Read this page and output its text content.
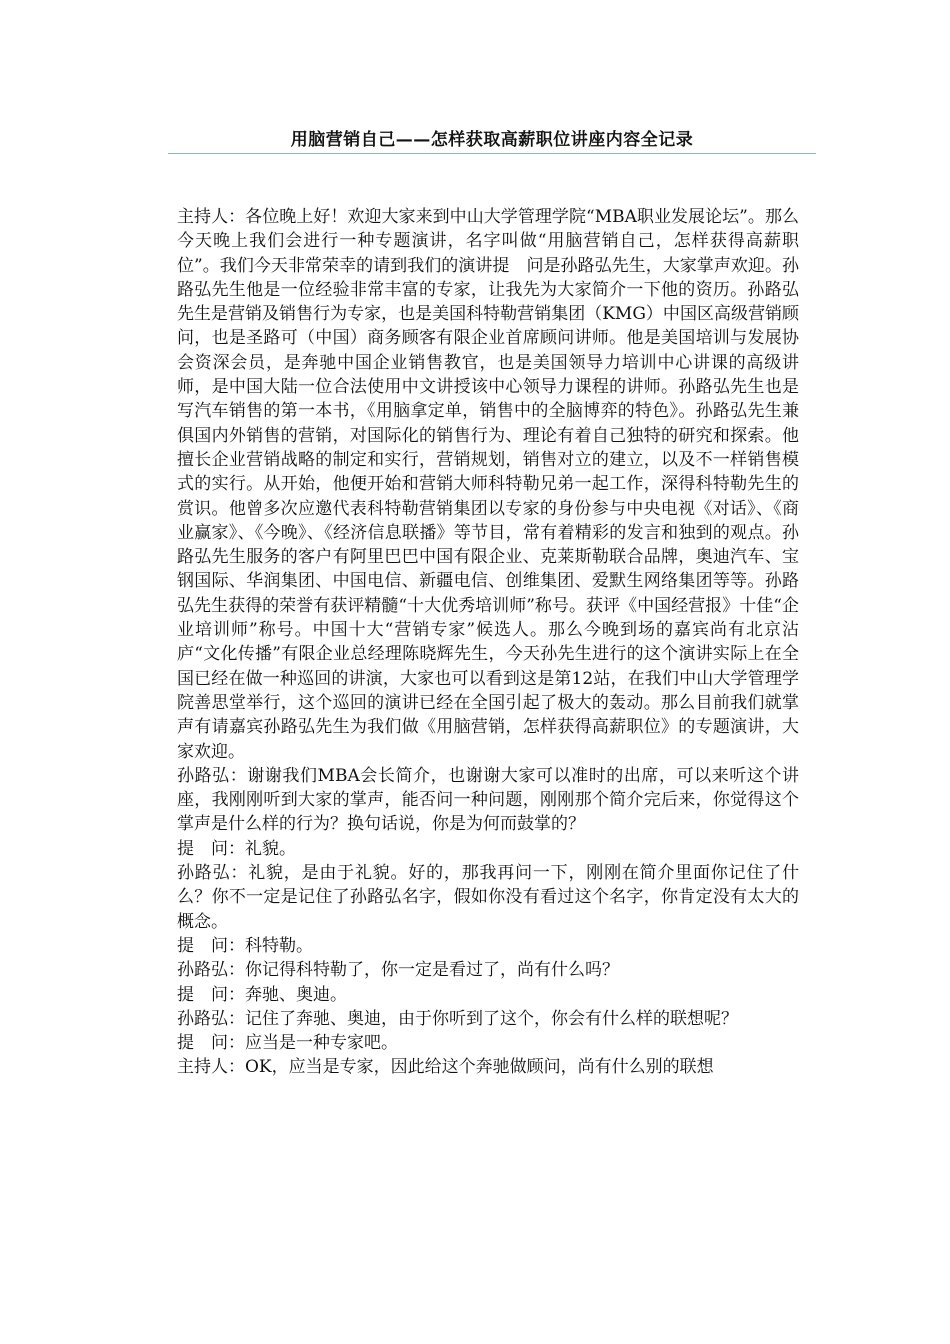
用脑营销自己——怎样获取高薪职位讲座内容全记录

主持人：各位晚上好！欢迎大家来到中山大学管理学院“MBA职业发展论坛”。那么今天晚上我们会进行一种专题演讲，名字叫做“用脑营销自己，怎样获得高薪职位”。我们今天非常荣幸的请到我们的演讲提　问是孙路弘先生，大家掌声欢迎。孙路弘先生他是一位经验非常丰富的专家，让我先为大家简介一下他的资历。孙路弘先生是营销及销售行为专家，也是美国科特勒营销集团（KMG）中国区高级营销顾问，也是圣路可（中国）商务顾客有限企业首席顾问讲师。他是美国培训与发展协会资深会员，是奔驰中国企业销售教官，也是美国领导力培训中心讲课的高级讲师，是中国大陆一位合法使用中文讲授该中心领导力课程的讲师。孙路弘先生也是写汽车销售的第一本书，《用脑拿定单，销售中的全脑博弈的特色》。孙路弘先生兼俱国内外销售的营销，对国际化的销售行为、理论有着自己独特的研究和探索。他擅长企业营销战略的制定和实行，营销规划，销售对立的建立，以及不一样销售模式的实行。从开始，他便开始和营销大师科特勒兄弟一起工作，深得科特勒先生的赏识。他曾多次应邀代表科特勒营销集团以专家的身份参与中央电视《对话》、《商业赢家》、《今晚》、《经济信息联播》等节目，常有着精彩的发言和独到的观点。孙路弘先生服务的客户有阿里巴巴中国有限企业、克莱斯勒联合品牌，奥迪汽车、宝钢国际、华润集团、中国电信、新疆电信、创维集团、爱默生网络集团等等。孙路弘先生获得的荣誉有获评精髓“十大优秀培训师”称号。获评《中国经营报》十佳“企业培训师”称号。中国十大“营销专家”候选人。那么今晚到场的嘉宾尚有北京沾庐“文化传播”有限企业总经理陈晓辉先生，今天孙先生进行的这个演讲实际上在全国已经在做一种巡回的讲演，大家也可以看到这是第12站，在我们中山大学管理学院善思堂举行，这个巡回的演讲已经在全国引起了极大的轰动。那么目前我们就掌声有请嘉宾孙路弘先生为我们做《用脑营销，怎样获得高薪职位》的专题演讲，大家欢迎。

孙路弘：谢谢我们MBA会长简介，也谢谢大家可以准时的出席，可以来听这个讲座，我刚刚听到大家的掌声，能否问一种问题，刚刚那个简介完后来，你觉得这个掌声是什么样的行为？换句话说，你是为何而鼓掌的？

提　问：礼貌。

孙路弘：礼貌，是由于礼貌。好的，那我再问一下，刚刚在简介里面你记住了什么？你不一定是记住了孙路弘名字，假如你没有看过这个名字，你肯定没有太大的概念。

提　问：科特勒。

孙路弘：你记得科特勒了，你一定是看过了，尚有什么吗？

提　问：奔驰、奥迪。

孙路弘：记住了奔驰、奥迪，由于你听到了这个，你会有什么样的联想呢？

提　问：应当是一种专家吧。

主持人：OK，应当是专家，因此给这个奔驰做顾问，尚有什么别的联想
